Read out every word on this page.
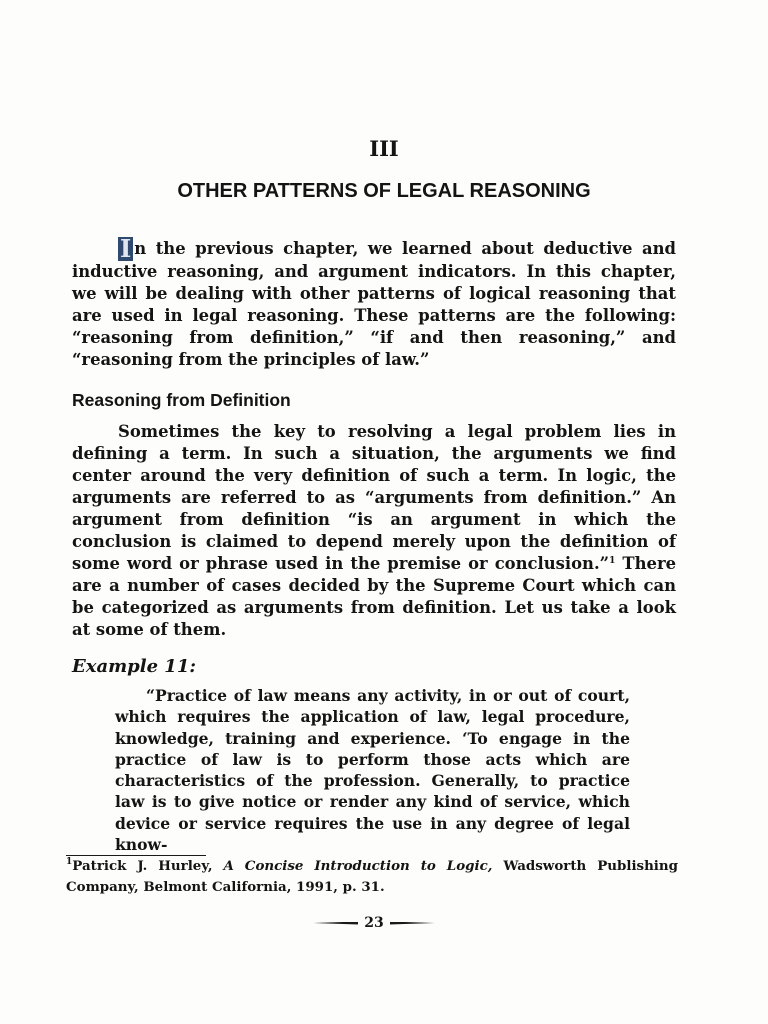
III
OTHER PATTERNS OF LEGAL REASONING

I n the previous chapter, we learned about deductive and inductive reasoning, and argument indicators. In this chapter, we will be dealing with other patterns of logical reasoning that are used in legal reasoning. These patterns are the following: “reasoning from definition,” “if and then reasoning,” and “reasoning from the principles of law.”

Reasoning from Definition

Sometimes the key to resolving a legal problem lies in defining a term. In such a situation, the arguments we find center around the very definition of such a term. In logic, the arguments are referred to as “arguments from definition.” An argument from definition “is an argument in which the conclusion is claimed to depend merely upon the definition of some word or phrase used in the premise or conclusion.”$^1$ There are a number of cases decided by the Supreme Court which can be categorized as arguments from definition. Let us take a look at some of them.

Example 11:

“Practice of law means any activity, in or out of court, which requires the application of law, legal procedure, knowledge, training and experience. ‘To engage in the practice of law is to perform those acts which are characteristics of the profession. Generally, to practice law is to give notice or render any kind of service, which device or service requires the use in any degree of legal know-

$^1$Patrick J. Hurley, A Concise Introduction to Logic, Wadsworth Publishing Company, Belmont California, 1991, p. 31.

23
